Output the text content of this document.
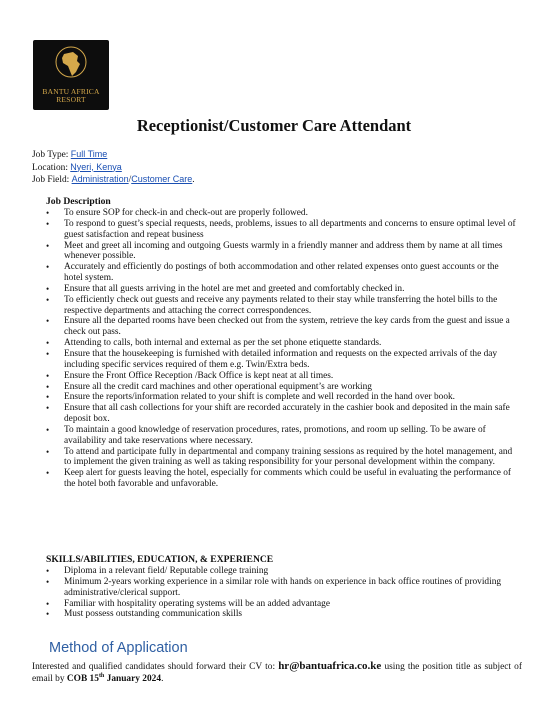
BANTU AFRICA
RESORT
Receptionist/Customer Care Attendant
Job Type: Full Time
Location: Nyeri, Kenya
Job Field: Administration/Customer Care.
Job Description
• To ensure SOP for check-in and check-out are properly followed.
• To respond to guest’s special requests, needs, problems, issues to all departments and concerns to ensure optimal level of guest satisfaction and repeat business
• Meet and greet all incoming and outgoing Guests warmly in a friendly manner and address them by name at all times whenever possible.
• Accurately and efficiently do postings of both accommodation and other related expenses onto guest accounts or the hotel system.
• Ensure that all guests arriving in the hotel are met and greeted and comfortably checked in.
• To efficiently check out guests and receive any payments related to their stay while transferring the hotel bills to the respective departments and attaching the correct correspondences.
• Ensure all the departed rooms have been checked out from the system, retrieve the key cards from the guest and issue a check out pass.
• Attending to calls, both internal and external as per the set phone etiquette standards.
• Ensure that the housekeeping is furnished with detailed information and requests on the expected arrivals of the day including specific services required of them e.g. Twin/Extra beds.
• Ensure the Front Office Reception /Back Office is kept neat at all times.
• Ensure all the credit card machines and other operational equipment’s are working
• Ensure the reports/information related to your shift is complete and well recorded in the hand over book.
• Ensure that all cash collections for your shift are recorded accurately in the cashier book and deposited in the main safe deposit box.
• To maintain a good knowledge of reservation procedures, rates, promotions, and room up selling. To be aware of availability and take reservations where necessary.
• To attend and participate fully in departmental and company training sessions as required by the hotel management, and to implement the given training as well as taking responsibility for your personal development within the company.
• Keep alert for guests leaving the hotel, especially for comments which could be useful in evaluating the performance of the hotel both favorable and unfavorable.
SKILLS/ABILITIES, EDUCATION, & EXPERIENCE
• Diploma in a relevant field/ Reputable college training
• Minimum 2-years working experience in a similar role with hands on experience in back office routines of providing administrative/clerical support.
• Familiar with hospitality operating systems will be an added advantage
• Must possess outstanding communication skills
Method of Application
Interested and qualified candidates should forward their CV to: hr@bantuafrica.co.ke using the position title as subject of email by COB 15th January 2024.
